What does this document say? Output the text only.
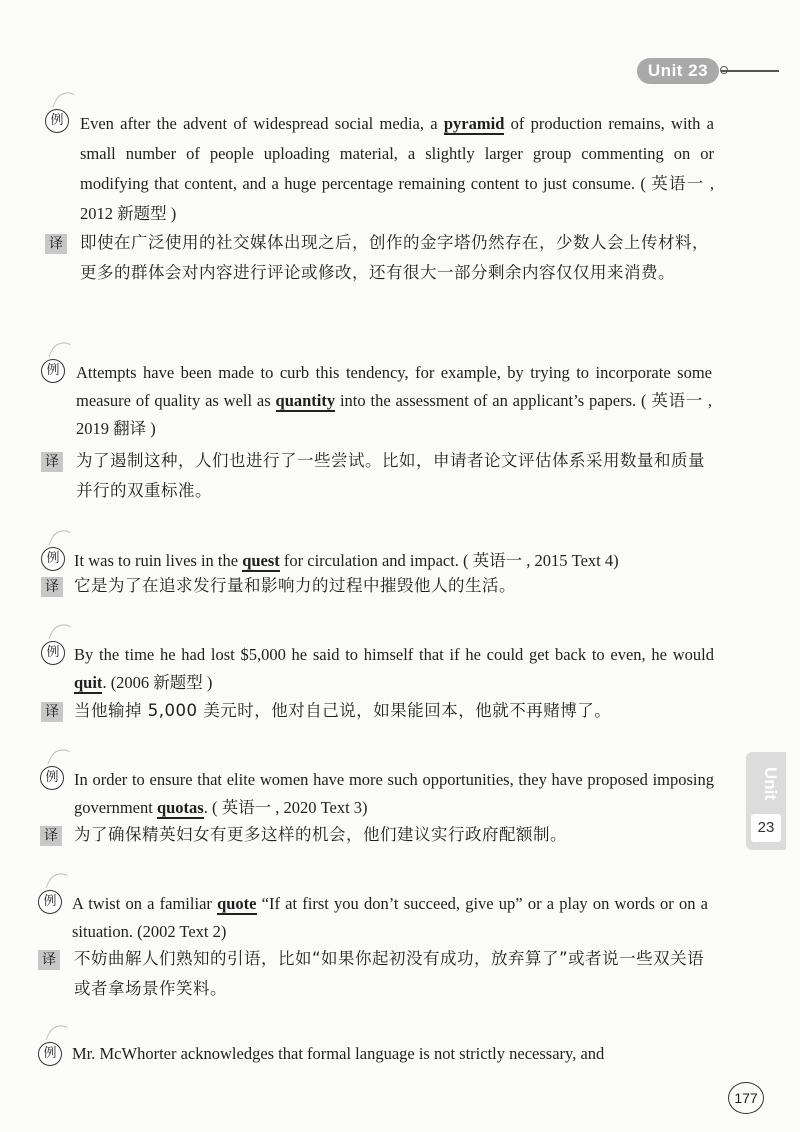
Unit 23
Unit
23
例	Even after the advent of widespread social media, a pyramid of production remains, with a small number of people uploading material, a slightly larger group commenting on or modifying that content, and a huge percentage remaining content to just consume. ( 英语一 , 2012 新题型 )
译 即使在广泛使用的社交媒体出现之后，创作的金字塔仍然存在，少数人会上传材料，更多的群体会对内容进行评论或修改，还有很大一部分剩余内容仅仅用来消费。
例	Attempts have been made to curb this tendency, for example, by trying to incorporate some measure of quality as well as quantity into the assessment of an applicant’s papers. ( 英语一 , 2019 翻译 )
译 为了遏制这种，人们也进行了一些尝试。比如，申请者论文评估体系采用数量和质量并行的双重标准。
例 It was to ruin lives in the quest for circulation and impact. ( 英语一 , 2015 Text 4)
译 它是为了在追求发行量和影响力的过程中摧毁他人的生活。
例 By the time he had lost $5,000 he said to himself that if he could get back to even, he would quit. (2006 新题型 )
译 当他输掉 5,000 美元时，他对自己说，如果能回本，他就不再赌博了。
例 In order to ensure that elite women have more such opportunities, they have proposed imposing government quotas. ( 英语一 , 2020 Text 3)
译 为了确保精英妇女有更多这样的机会，他们建议实行政府配额制。
例 A twist on a familiar quote “If at first you don’t succeed, give up” or a play on words or on a situation. (2002 Text 2)
译 不妨曲解人们熟知的引语，比如“如果你起初没有成功，放弃算了”或者说一些双关语或者拿场景作笑料。
例 Mr. McWhorter acknowledges that formal language is not strictly necessary, and
177
